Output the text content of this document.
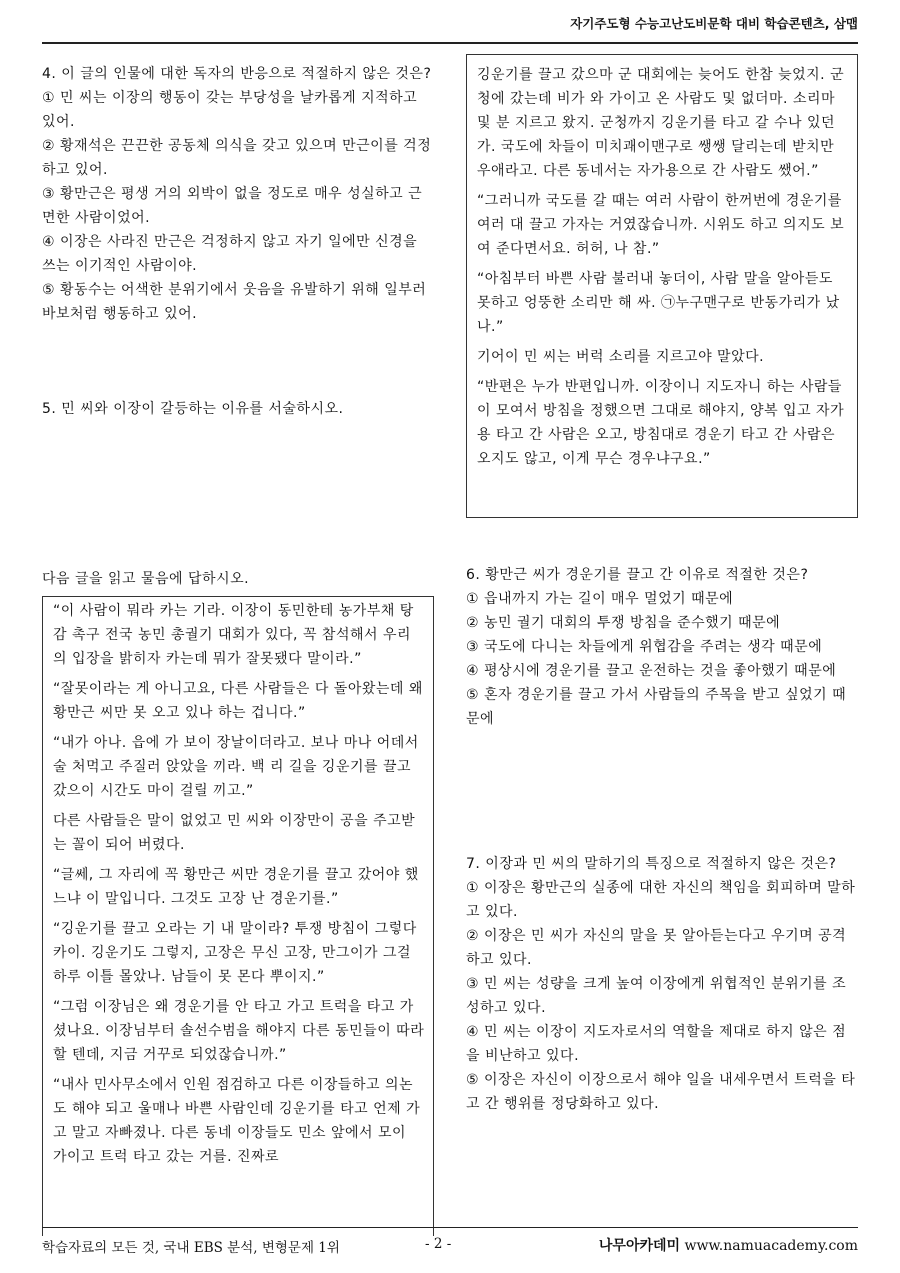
자기주도형 수능고난도비문학 대비 학습콘텐츠, 삼맵

4. 이 글의 인물에 대한 독자의 반응으로 적절하지 않은 것은?

① 민 씨는 이장의 행동이 갖는 부당성을 날카롭게 지적하고 있어.

② 황재석은 끈끈한 공동체 의식을 갖고 있으며 만근이를 걱정하고 있어.

③ 황만근은 평생 거의 외박이 없을 정도로 매우 성실하고 근면한 사람이었어.

④ 이장은 사라진 만근은 걱정하지 않고 자기 일에만 신경을 쓰는 이기적인 사람이야.

⑤ 황동수는 어색한 분위기에서 웃음을 유발하기 위해 일부러 바보처럼 행동하고 있어.

5. 민 씨와 이장이 갈등하는 이유를 서술하시오.

깅운기를 끌고 갔으마 군 대회에는 늦어도 한참 늦었지. 군청에 갔는데 비가 와 가이고 온 사람도 및 없더마. 소리마 및 분 지르고 왔지. 군청까지 깅운기를 타고 갈 수나 있던가. 국도에 차들이 미치괘이맨구로 쌩쌩 달리는데 받치만 우애라고. 다른 동네서는 자가용으로 간 사람도 쌨어.”

“그러니까 국도를 갈 때는 여러 사람이 한꺼번에 경운기를 여러 대 끌고 가자는 거였잖습니까. 시위도 하고 의지도 보여 준다면서요. 허허, 나 참.”

“아침부터 바쁜 사람 불러내 놓더이, 사람 말을 알아듣도 못하고 엉뚱한 소리만 해 싸. ㉠누구맨구로 반동가리가 났나.”

기어이 민 씨는 버럭 소리를 지르고야 말았다.

“반편은 누가 반편입니까. 이장이니 지도자니 하는 사람들이 모여서 방침을 정했으면 그대로 해야지, 양복 입고 자가용 타고 간 사람은 오고, 방침대로 경운기 타고 간 사람은 오지도 않고, 이게 무슨 경우냐구요.”

다음 글을 읽고 물음에 답하시오.

“이 사람이 뭐라 카는 기라. 이장이 동민한테 농가부채 탕감 촉구 전국 농민 총궐기 대회가 있다, 꼭 참석해서 우리의 입장을 밝히자 카는데 뭐가 잘못됐다 말이라.”

“잘못이라는 게 아니고요, 다른 사람들은 다 돌아왔는데 왜 황만근 씨만 못 오고 있나 하는 겁니다.”

“내가 아나. 읍에 가 보이 장날이더라고. 보나 마나 어데서 술 처먹고 주질러 앉았을 끼라. 백 리 길을 깅운기를 끌고 갔으이 시간도 마이 걸릴 끼고.”

다른 사람들은 말이 없었고 민 씨와 이장만이 공을 주고받는 꼴이 되어 버렸다.

“글쎄, 그 자리에 꼭 황만근 씨만 경운기를 끌고 갔어야 했느냐 이 말입니다. 그것도 고장 난 경운기를.”

“깅운기를 끌고 오라는 기 내 말이라? 투쟁 방침이 그렇다 카이. 깅운기도 그렇지, 고장은 무신 고장, 만그이가 그걸 하루 이틀 몰았나. 남들이 못 몬다 뿌이지.”

“그럼 이장님은 왜 경운기를 안 타고 가고 트럭을 타고 가셨나요. 이장님부터 솔선수범을 해야지 다른 동민들이 따라 할 텐데, 지금 거꾸로 되었잖습니까.”

“내사 민사무소에서 인원 점검하고 다른 이장들하고 의논도 해야 되고 울매나 바쁜 사람인데 깅운기를 타고 언제 가고 말고 자빠졌나. 다른 동네 이장들도 민소 앞에서 모이 가이고 트럭 타고 갔는 거를. 진짜로

6. 황만근 씨가 경운기를 끌고 간 이유로 적절한 것은?

① 읍내까지 가는 길이 매우 멀었기 때문에

② 농민 궐기 대회의 투쟁 방침을 준수했기 때문에

③ 국도에 다니는 차들에게 위협감을 주려는 생각 때문에

④ 평상시에 경운기를 끌고 운전하는 것을 좋아했기 때문에

⑤ 혼자 경운기를 끌고 가서 사람들의 주목을 받고 싶었기 때문에

7. 이장과 민 씨의 말하기의 특징으로 적절하지 않은 것은?

① 이장은 황만근의 실종에 대한 자신의 책임을 회피하며 말하고 있다.

② 이장은 민 씨가 자신의 말을 못 알아듣는다고 우기며 공격하고 있다.

③ 민 씨는 성량을 크게 높여 이장에게 위협적인 분위기를 조성하고 있다.

④ 민 씨는 이장이 지도자로서의 역할을 제대로 하지 않은 점을 비난하고 있다.

⑤ 이장은 자신이 이장으로서 해야 일을 내세우면서 트럭을 타고 간 행위를 정당화하고 있다.

학습자료의 모든 것, 국내 EBS 분석, 변형문제 1위	- 2 -	나무아카데미 www.namuacademy.com
